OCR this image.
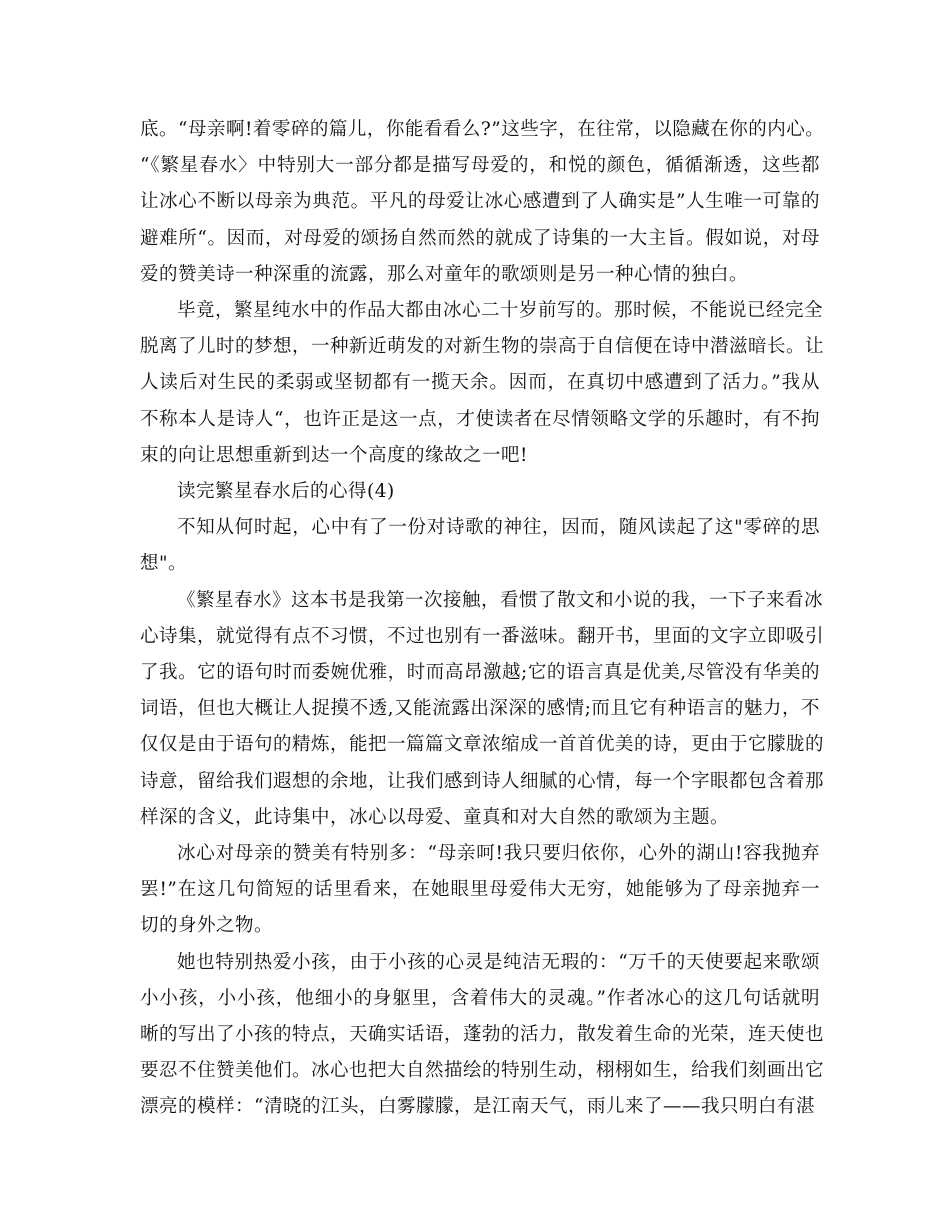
底。“母亲啊!着零碎的篇儿，你能看看么?”这些字，在往常，以隐藏在你的内心。
“《繁星春水〉中特别大一部分都是描写母爱的，和悦的颜色，循循渐透，这些都
让冰心不断以母亲为典范。平凡的母爱让冰心感遭到了人确实是”人生唯一可靠的
避难所“。因而，对母爱的颂扬自然而然的就成了诗集的一大主旨。假如说，对母
爱的赞美诗一种深重的流露，那么对童年的歌颂则是另一种心情的独白。
毕竟，繁星纯水中的作品大都由冰心二十岁前写的。那时候，不能说已经完全
脱离了儿时的梦想，一种新近萌发的对新生物的崇高于自信便在诗中潜滋暗长。让
人读后对生民的柔弱或坚韧都有一揽天余。因而，在真切中感遭到了活力。”我从
不称本人是诗人“，也许正是这一点，才使读者在尽情领略文学的乐趣时，有不拘
束的向让思想重新到达一个高度的缘故之一吧!
读完繁星春水后的心得(4)
不知从何时起，心中有了一份对诗歌的神往，因而，随风读起了这"零碎的思
想"。
《繁星春水》这本书是我第一次接触，看惯了散文和小说的我，一下子来看冰
心诗集，就觉得有点不习惯，不过也别有一番滋味。翻开书，里面的文字立即吸引
了我。它的语句时而委婉优雅，时而高昂激越;它的语言真是优美,尽管没有华美的
词语，但也大概让人捉摸不透,又能流露出深深的感情;而且它有种语言的魅力，不
仅仅是由于语句的精炼，能把一篇篇文章浓缩成一首首优美的诗，更由于它朦胧的
诗意，留给我们遐想的余地，让我们感到诗人细腻的心情，每一个字眼都包含着那
样深的含义，此诗集中，冰心以母爱、童真和对大自然的歌颂为主题。
冰心对母亲的赞美有特别多：“母亲呵!我只要归依你，心外的湖山!容我抛弃
罢!”在这几句简短的话里看来，在她眼里母爱伟大无穷，她能够为了母亲抛弃一
切的身外之物。
她也特别热爱小孩，由于小孩的心灵是纯洁无瑕的：“万千的天使要起来歌颂
小小孩，小小孩，他细小的身躯里，含着伟大的灵魂。”作者冰心的这几句话就明
晰的写出了小孩的特点，天确实话语，蓬勃的活力，散发着生命的光荣，连天使也
要忍不住赞美他们。冰心也把大自然描绘的特别生动，栩栩如生，给我们刻画出它
漂亮的模样：“清晓的江头，白雾朦朦，是江南天气，雨儿来了——我只明白有湛
